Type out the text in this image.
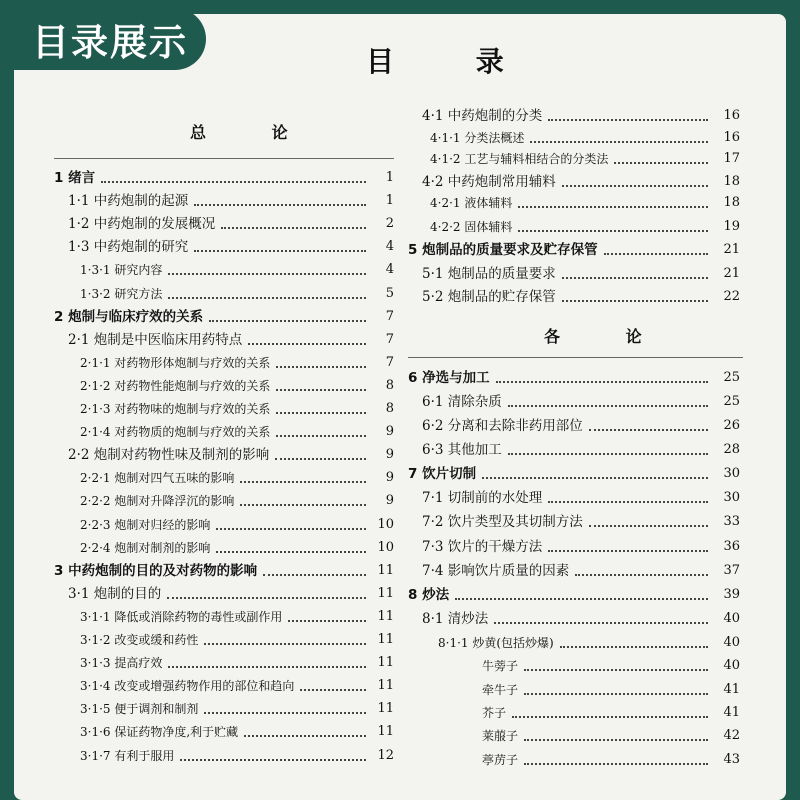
目 录
总 论
1 绪言	1
1·1 中药炮制的起源	1
1·2 中药炮制的发展概况	2
1·3 中药炮制的研究	4
1·3·1 研究内容	4
1·3·2 研究方法	5
2 炮制与临床疗效的关系	7
2·1 炮制是中医临床用药特点	7
2·1·1 对药物形体炮制与疗效的关系	7
2·1·2 对药物性能炮制与疗效的关系	8
2·1·3 对药物味的炮制与疗效的关系	8
2·1·4 对药物质的炮制与疗效的关系	9
2·2 炮制对药物性味及制剂的影响	9
2·2·1 炮制对四气五味的影响	9
2·2·2 炮制对升降浮沉的影响	9
2·2·3 炮制对归经的影响	10
2·2·4 炮制对制剂的影响	10
3 中药炮制的目的及对药物的影响	11
3·1 炮制的目的	11
3·1·1 降低或消除药物的毒性或副作用	11
3·1·2 改变或缓和药性	11
3·1·3 提高疗效	11
3·1·4 改变或增强药物作用的部位和趋向	11
3·1·5 便于调剂和制剂	11
3·1·6 保证药物净度,利于贮藏	11
3·1·7 有利于服用	12
4·1 中药炮制的分类	16
4·1·1 分类法概述	16
4·1·2 工艺与辅料相结合的分类法	17
4·2 中药炮制常用辅料	18
4·2·1 液体辅料	18
4·2·2 固体辅料	19
5 炮制品的质量要求及贮存保管	21
5·1 炮制品的质量要求	21
5·2 炮制品的贮存保管	22
各 论
6 净选与加工	25
6·1 清除杂质	25
6·2 分离和去除非药用部位	26
6·3 其他加工	28
7 饮片切制	30
7·1 切制前的水处理	30
7·2 饮片类型及其切制方法	33
7·3 饮片的干燥方法	36
7·4 影响饮片质量的因素	37
8 炒法	39
8·1 清炒法	40
8·1·1 炒黄(包括炒爆)	40
牛蒡子	40
牵牛子	41
芥子	41
莱菔子	42
葶苈子	43
目录展示
